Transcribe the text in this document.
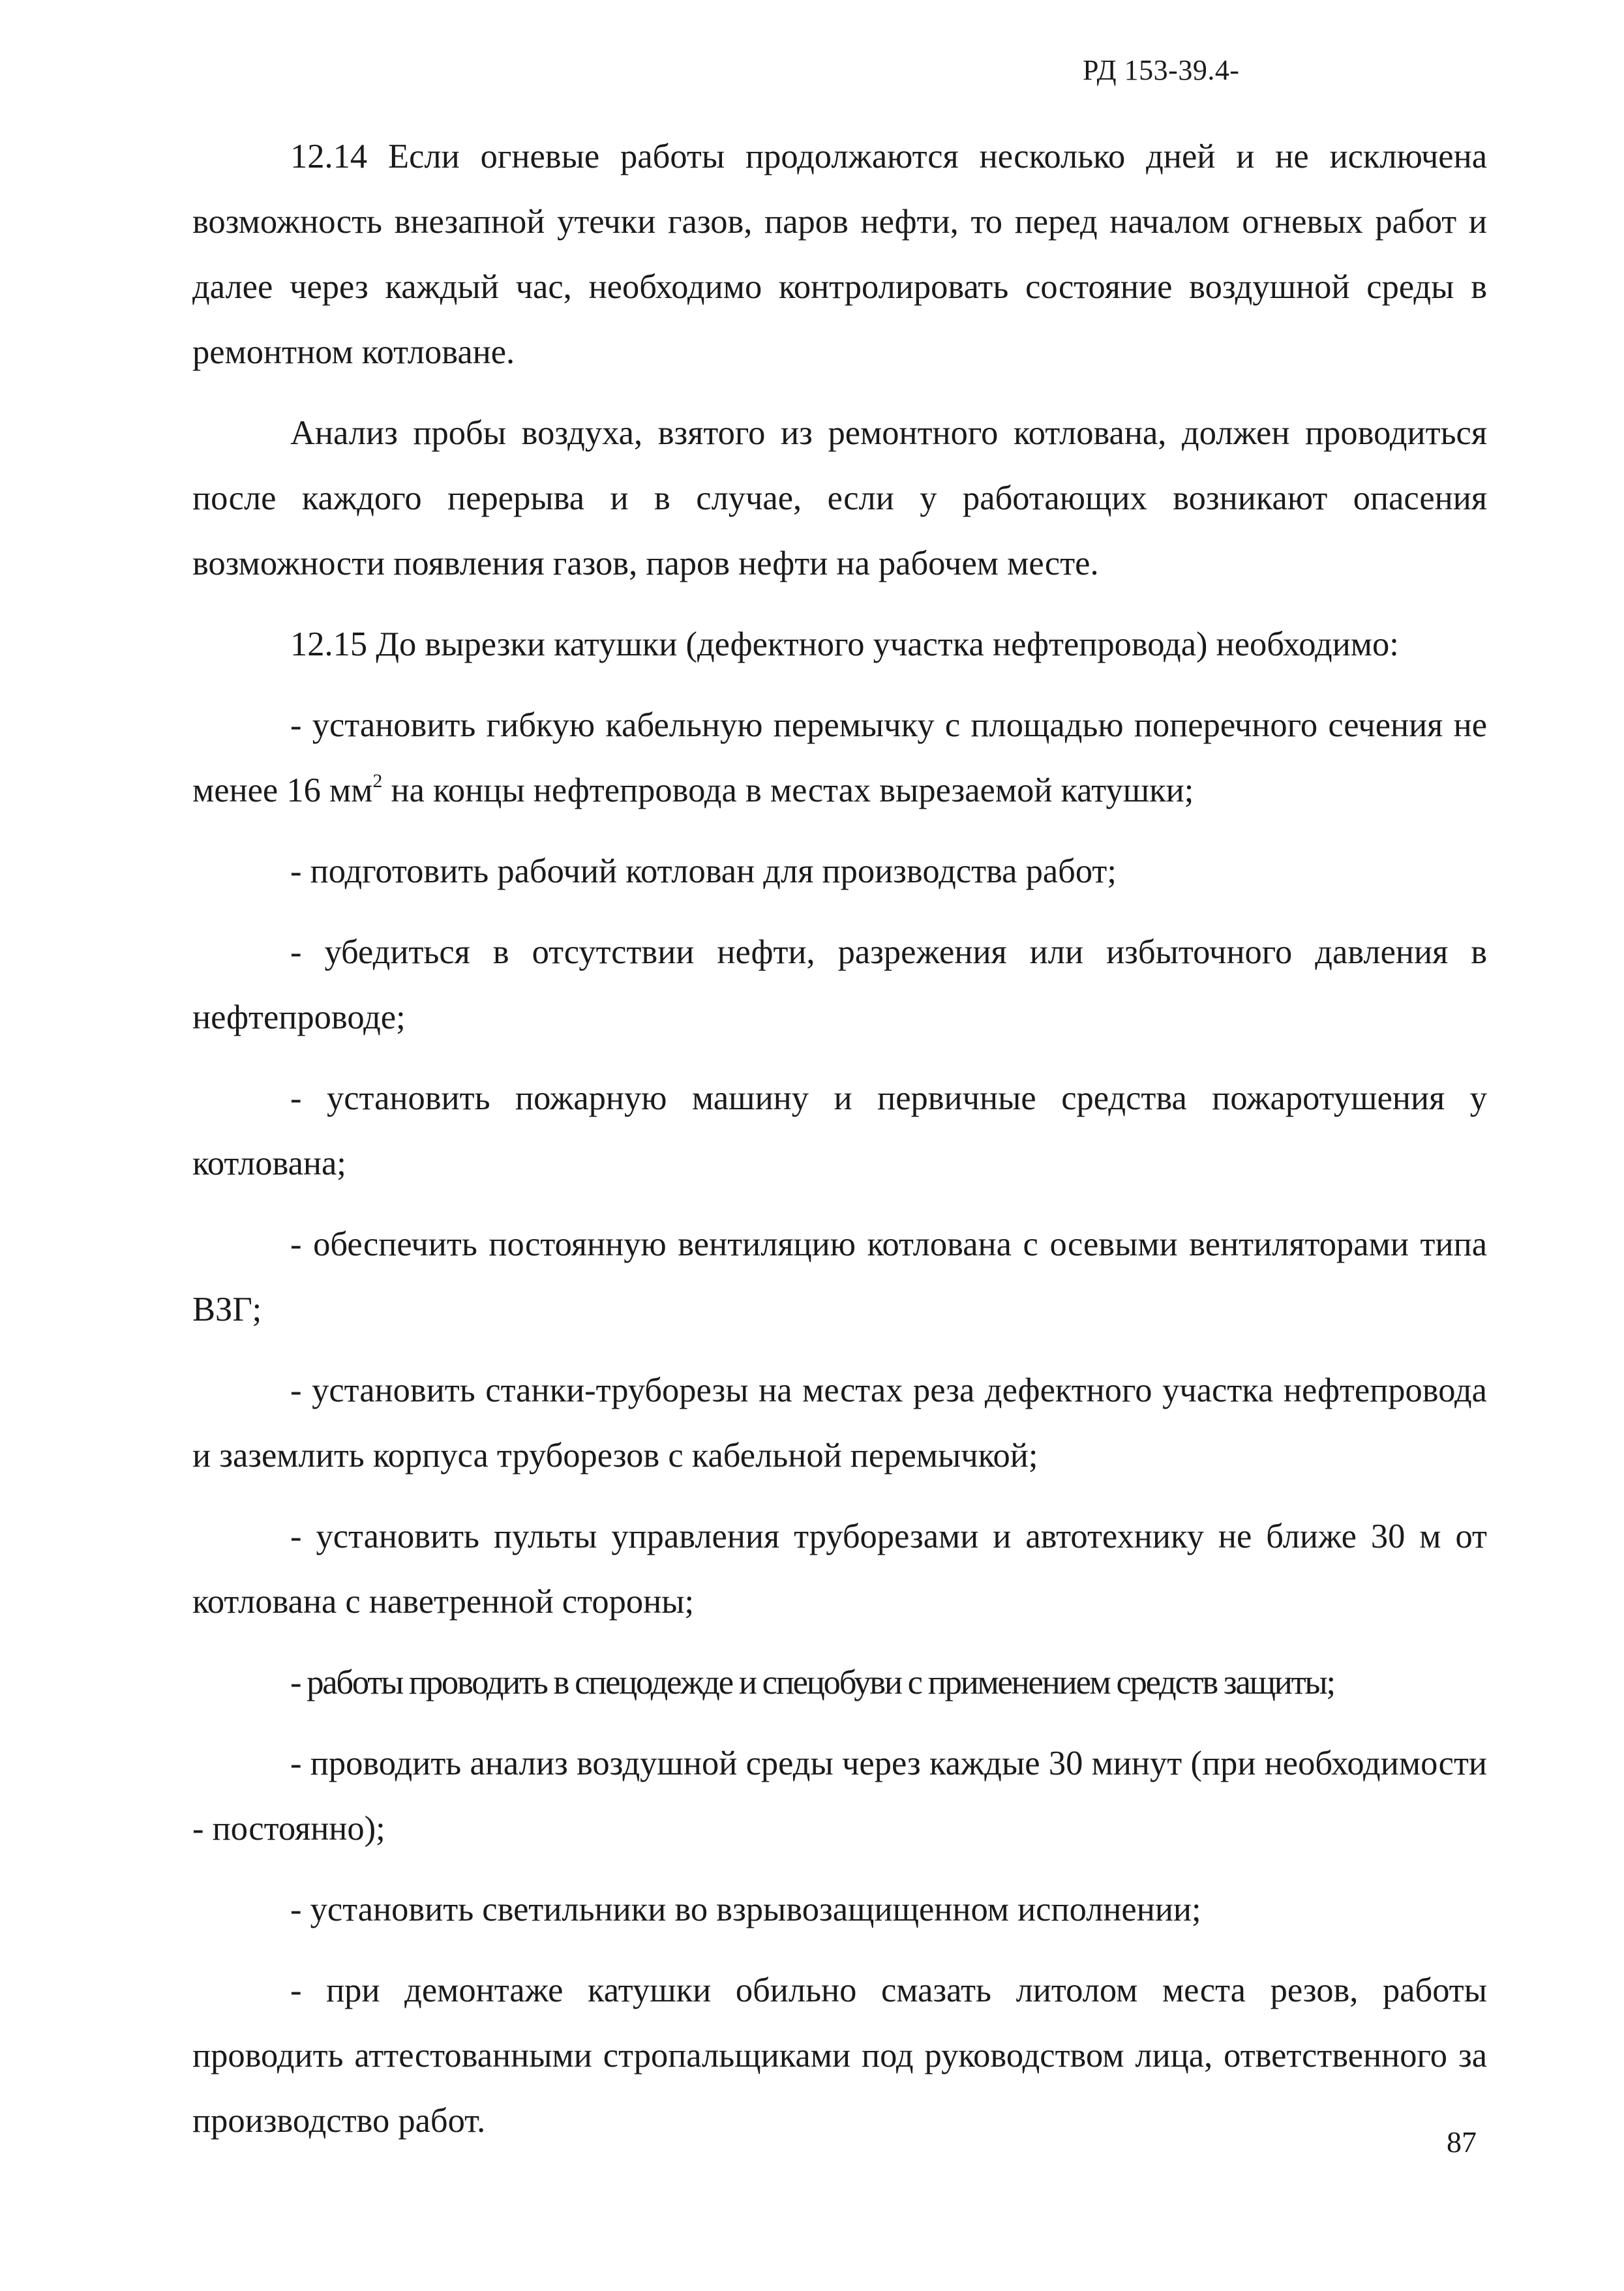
РД 153-39.4-

12.14 Если огневые работы продолжаются несколько дней и не исключена возможность внезапной утечки газов, паров нефти, то перед началом огневых работ и далее через каждый час, необходимо контролировать состояние воздушной среды в ремонтном котловане.

Анализ пробы воздуха, взятого из ремонтного котлована, должен проводиться после каждого перерыва и в случае, если у работающих возникают опасения возможности появления газов, паров нефти на рабочем месте.

12.15 До вырезки катушки (дефектного участка нефтепровода) необходимо:

- установить гибкую кабельную перемычку с площадью поперечного сечения не менее 16 $мм^2$ на концы нефтепровода в местах вырезаемой катушки;

- подготовить рабочий котлован для производства работ;

- убедиться в отсутствии нефти, разрежения или избыточного давления в нефтепроводе;

- установить пожарную машину и первичные средства пожаротушения у котлована;

- обеспечить постоянную вентиляцию котлована с осевыми вентиляторами типа ВЗГ;

- установить станки-труборезы на местах реза дефектного участка нефтепровода и заземлить корпуса труборезов с кабельной перемычкой;

- установить пульты управления труборезами и автотехнику не ближе 30 м от котлована с наветренной стороны;

- работы проводить в спецодежде и спецобуви с применением средств защиты;

- проводить анализ воздушной среды через каждые 30 минут (при необходимости - постоянно);

- установить светильники во взрывозащищенном исполнении;

- при демонтаже катушки обильно смазать литолом места резов, работы проводить аттестованными стропальщиками под руководством лица, ответственного за производство работ.

87
